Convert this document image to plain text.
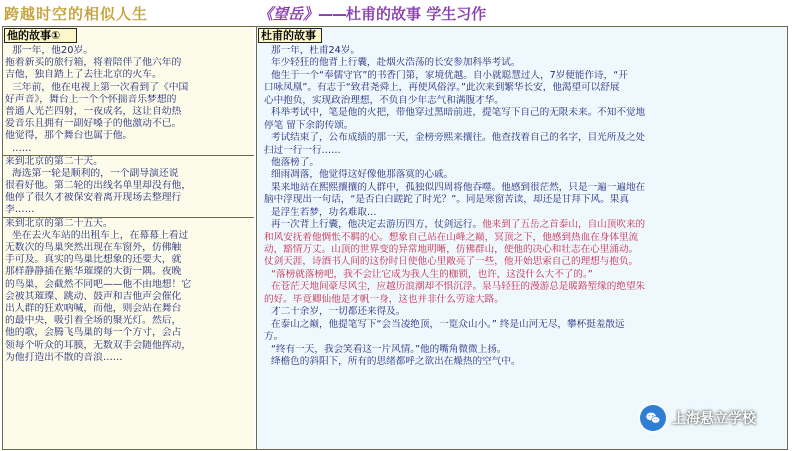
跨越时空的相似人生	《望岳》——杜甫的故事 学生习作
他的故事①
那一年，他20岁。
拖着新买的旅行箱，将着陪伴了他六年的
吉他，独自踏上了去往北京的火车。
三年前，他在电视上第一次看到了《中国
好声音》，舞台上一个个怀揣音乐梦想的
普通人光芒四射，一夜成名，这让自幼热
爱音乐且拥有一副好嗓子的他激动不已。
他觉得，那个舞台也属于他。
……
来到北京的第二十天。
海选第一轮是顺利的，一个副导演还说
很看好他。第二轮的出线名单里却没有他，
他停了很久才被保安着离开现场去整理行
李……
来到北京的第二十五天。
坐在去火车站的出租车上，在幕幕上看过
无数次的鸟巢突然出现在车窗外，仿佛触
手可及。真实的鸟巢比想象的还要大，就
那样静静插在紫华璀璨的大街一隅。夜晚
的鸟巢，会截然不同吧——他不由地想！它
会被其璀璨、跳动、鼓声和吉他声会催化
出人群的狂欢吶喊，而他，则会站在舞台
的最中央，吸引着全场的聚光灯。然后，
他的歌，会腾飞鸟巢的每一个方寸，会占
领每个听众的耳膜，无数双手会随他挥动，
为他打造出不散的音浪……
杜甫的故事
那一年，杜甫24岁。
年少轻狂的他背上行囊，赴烟火浩荡的长安参加科举考试。
他生于一个“奉儒守官”的书香门第，家境优越。自小就聪慧过人，7岁便能作诗，“开
口咏凤凰”。有志于“致君尧舜上，再使风俗淳。”此次来到繁华长安，他渴望可以舒展
心中抱负，实现政治理想，不负自少年志气和满腹才华。
科举考试中，笔是他的火把，带他穿过黑暗前进，提笔写下自己的无限未来。不知不觉地
停笔 留下余韵传颂。
考试结束了，公布成绩的那一天，金榜旁熙来攘往。他查找着自己的名字，目光所及之处
扫过一行一行……
他落榜了。
细雨凋落，他觉得这好像他那落寞的心戚。
果来地站在熙熙攘攘的人群中，孤独似四周将他吞噬。他感到很茫然，只是一遍一遍地在
脑中浮现出一句话，“是否白白蹉跎了时光？”。同是寒窗苦读，却还是甘拜下风。果真
是浮生若梦，功名难取…
再一次背上行囊，他决定去游历四方，仗剑远行。他来到了五岳之首泰山，自山顶吹来的
和风安抚着他惆怅不羁的心。想象自己站在山峰之巅，冥顶之下，他感到热血在身体里流
动，豁情万丈。山顶的世界变的异常地明晰，仿佛群山，使他的决心和壮志在心里涌动。
仗剑天涯，诗酒书人间的这份时日使他心里敞亮了一些，他开始思索自己的理想与抱负。
“落榜就落榜吧，我不会让它成为我人生的枷锁，也许，这没什么大不了的。”
在苍茫天地间豪尽风尘，应越历浪潮却不惧沉浮。泉马轻狂的漫游总是暖路堑缘的绝望朱
的好。毕竟卿仙他是才帆一身，这也并非什么劳途大路。
才二十余岁，一切都还来得及。
在泰山之巅，他提笔写下“会当凌绝顶，一览众山小。” 终是山河无尽，攀杯挺羞散远
方。
“终有一天，我会笑看这一片风情。”他的嘴角微微上扬。
绛檐色的斜阳下，所有的思绪都呼之欲出在燥热的空气中。
上海悬立学校
